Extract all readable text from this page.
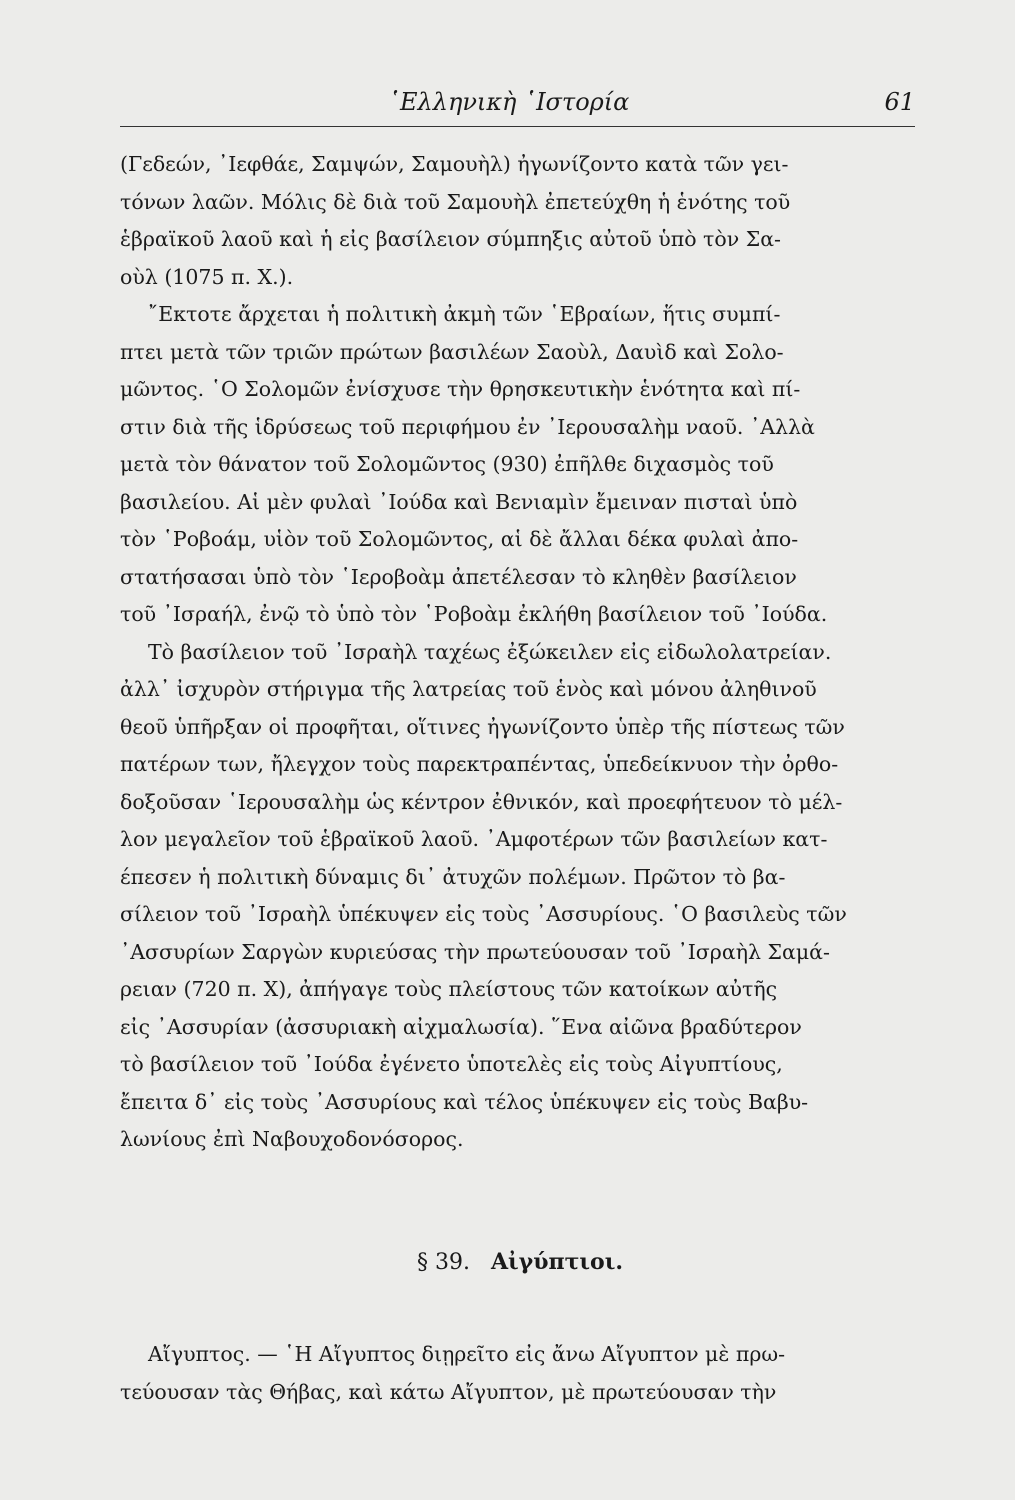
῾Ελληνικὴ ῾Ιστορία	61
(Γεδεών, ᾿Ιεφθάε, Σαμψών, Σαμουὴλ) ἠγωνίζοντο κατὰ τῶν γει-
τόνων λαῶν. Μόλις δὲ διὰ τοῦ Σαμουὴλ ἐπετεύχθη ἡ ἑνότης τοῦ
ἑβραϊκοῦ λαοῦ καὶ ἡ εἰς βασίλειον σύμπηξις αὐτοῦ ὑπὸ τὸν Σα-
οὺλ (1075 π. Χ.).
῎Εκτοτε ἄρχεται ἡ πολιτικὴ ἀκμὴ τῶν ῾Εβραίων, ἥτις συμπί-
πτει μετὰ τῶν τριῶν πρώτων βασιλέων Σαοὺλ, Δαυὶδ καὶ Σολο-
μῶντος. ῾Ο Σολομῶν ἐνίσχυσε τὴν θρησκευτικὴν ἑνότητα καὶ πί-
στιν διὰ τῆς ἱδρύσεως τοῦ περιφήμου ἐν ᾿Ιερουσαλὴμ ναοῦ. ᾿Αλλὰ
μετὰ τὸν θάνατον τοῦ Σολομῶντος (930) ἐπῆλθε διχασμὸς τοῦ
βασιλείου. Αἱ μὲν φυλαὶ ᾿Ιούδα καὶ Βενιαμὶν ἔμειναν πισταὶ ὑπὸ
τὸν ῾Ροβοάμ, υἱὸν τοῦ Σολομῶντος, αἱ δὲ ἄλλαι δέκα φυλαὶ ἀπο-
στατήσασαι ὑπὸ τὸν ῾Ιεροβοὰμ ἀπετέλεσαν τὸ κληθὲν βασίλειον
τοῦ ᾿Ισραήλ, ἐνῷ τὸ ὑπὸ τὸν ῾Ροβοὰμ ἐκλήθη βασίλειον τοῦ ᾿Ιούδα.
Τὸ βασίλειον τοῦ ᾿Ισραὴλ ταχέως ἐξώκειλεν εἰς εἰδωλολατρείαν.
ἀλλ᾿ ἰσχυρὸν στήριγμα τῆς λατρείας τοῦ ἑνὸς καὶ μόνου ἀληθινοῦ
θεοῦ ὑπῆρξαν οἱ προφῆται, οἵτινες ἠγωνίζοντο ὑπὲρ τῆς πίστεως τῶν
πατέρων των, ἤλεγχον τοὺς παρεκτραπέντας, ὑπεδείκνυον τὴν ὀρθο-
δοξοῦσαν ῾Ιερουσαλὴμ ὡς κέντρον ἐθνικόν, καὶ προεφήτευον τὸ μέλ-
λον μεγαλεῖον τοῦ ἑβραϊκοῦ λαοῦ. ᾿Αμφοτέρων τῶν βασιλείων κατ-
έπεσεν ἡ πολιτικὴ δύναμις δι᾿ ἀτυχῶν πολέμων. Πρῶτον τὸ βα-
σίλειον τοῦ ᾿Ισραὴλ ὑπέκυψεν εἰς τοὺς ᾿Ασσυρίους. ῾Ο βασιλεὺς τῶν
᾿Ασσυρίων Σαργὼν κυριεύσας τὴν πρωτεύουσαν τοῦ ᾿Ισραὴλ Σαμά-
ρειαν (720 π. Χ), ἀπήγαγε τοὺς πλείστους τῶν κατοίκων αὐτῆς
εἰς ᾿Ασσυρίαν (ἀσσυριακὴ αἰχμαλωσία). ῞Ενα αἰῶνα βραδύτερον
τὸ βασίλειον τοῦ ᾿Ιούδα ἐγένετο ὑποτελὲς εἰς τοὺς Αἰγυπτίους,
ἔπειτα δ᾿ εἰς τοὺς ᾿Ασσυρίους καὶ τέλος ὑπέκυψεν εἰς τοὺς Βαβυ-
λωνίους ἐπὶ Ναβουχοδονόσορος.
§ 39. Αἰγύπτιοι.
Αἴγυπτος. — ῾Η Αἴγυπτος διῃρεῖτο εἰς ἄνω Αἴγυπτον μὲ πρω-
τεύουσαν τὰς Θήβας, καὶ κάτω Αἴγυπτον, μὲ πρωτεύουσαν τὴν
